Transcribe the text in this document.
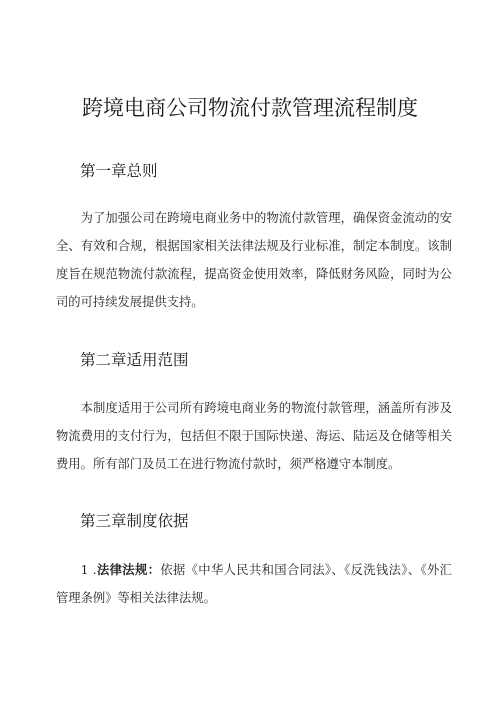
跨境电商公司物流付款管理流程制度
第一章总则

为了加强公司在跨境电商业务中的物流付款管理，确保资金流动的安全、有效和合规，根据国家相关法律法规及行业标准，制定本制度。该制度旨在规范物流付款流程，提高资金使用效率，降低财务风险，同时为公司的可持续发展提供支持。

第二章适用范围

本制度适用于公司所有跨境电商业务的物流付款管理，涵盖所有涉及物流费用的支付行为，包括但不限于国际快递、海运、陆运及仓储等相关费用。所有部门及员工在进行物流付款时，须严格遵守本制度。

第三章制度依据

1 .法律法规：依据《中华人民共和国合同法》、《反洗钱法》、《外汇管理条例》等相关法律法规。
